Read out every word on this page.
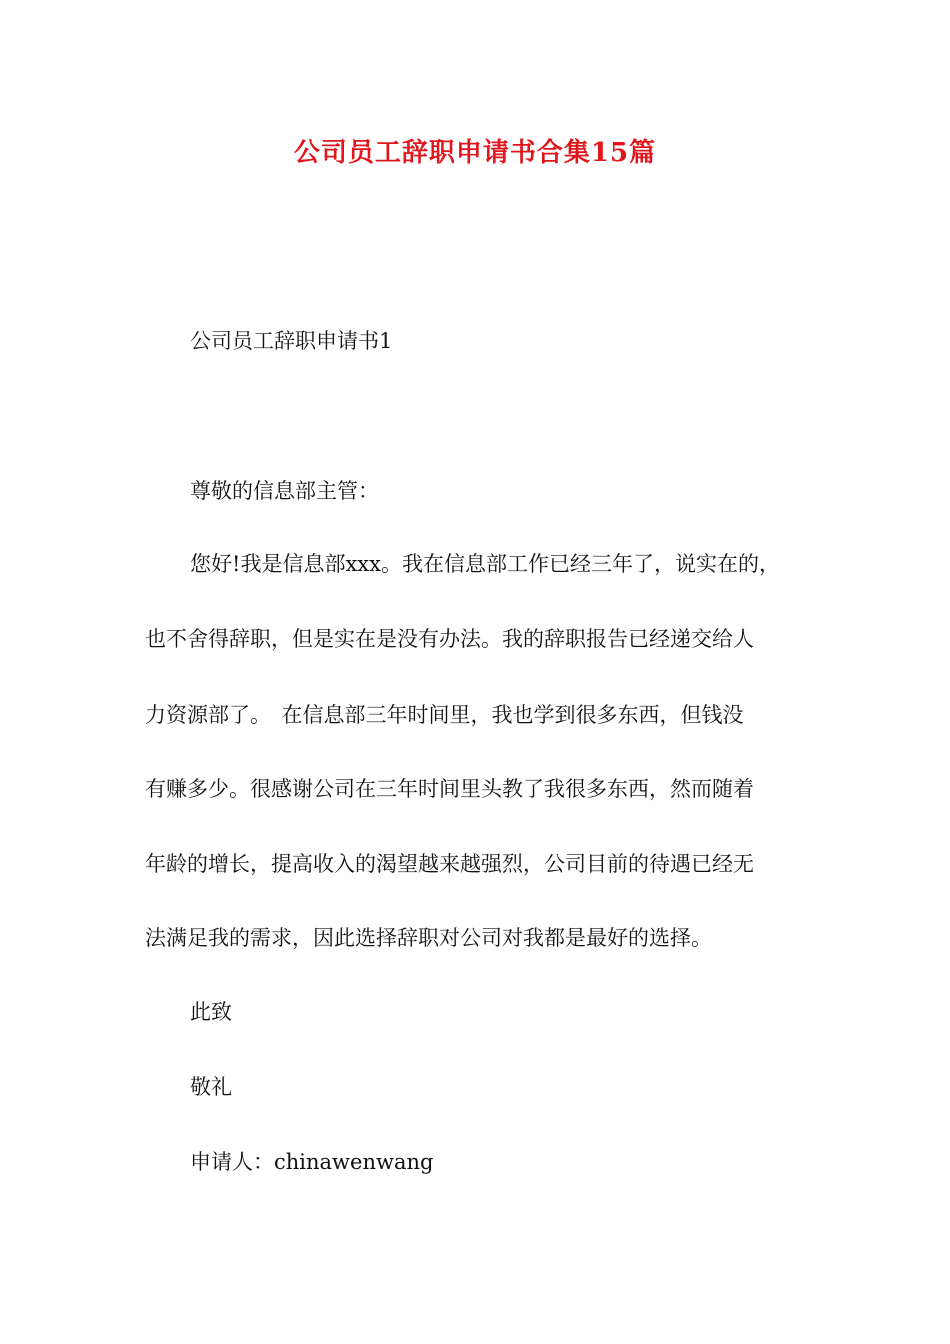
公司员工辞职申请书合集15篇
公司员工辞职申请书1
尊敬的信息部主管：
您好!我是信息部xxx。我在信息部工作已经三年了，说实在的，
也不舍得辞职，但是实在是没有办法。我的辞职报告已经递交给人
力资源部了。　在信息部三年时间里，我也学到很多东西，但钱没
有赚多少。很感谢公司在三年时间里头教了我很多东西，然而随着
年龄的增长，提高收入的渴望越来越强烈，公司目前的待遇已经无
法满足我的需求，因此选择辞职对公司对我都是最好的选择。
此致
敬礼
申请人：chinawenwang
